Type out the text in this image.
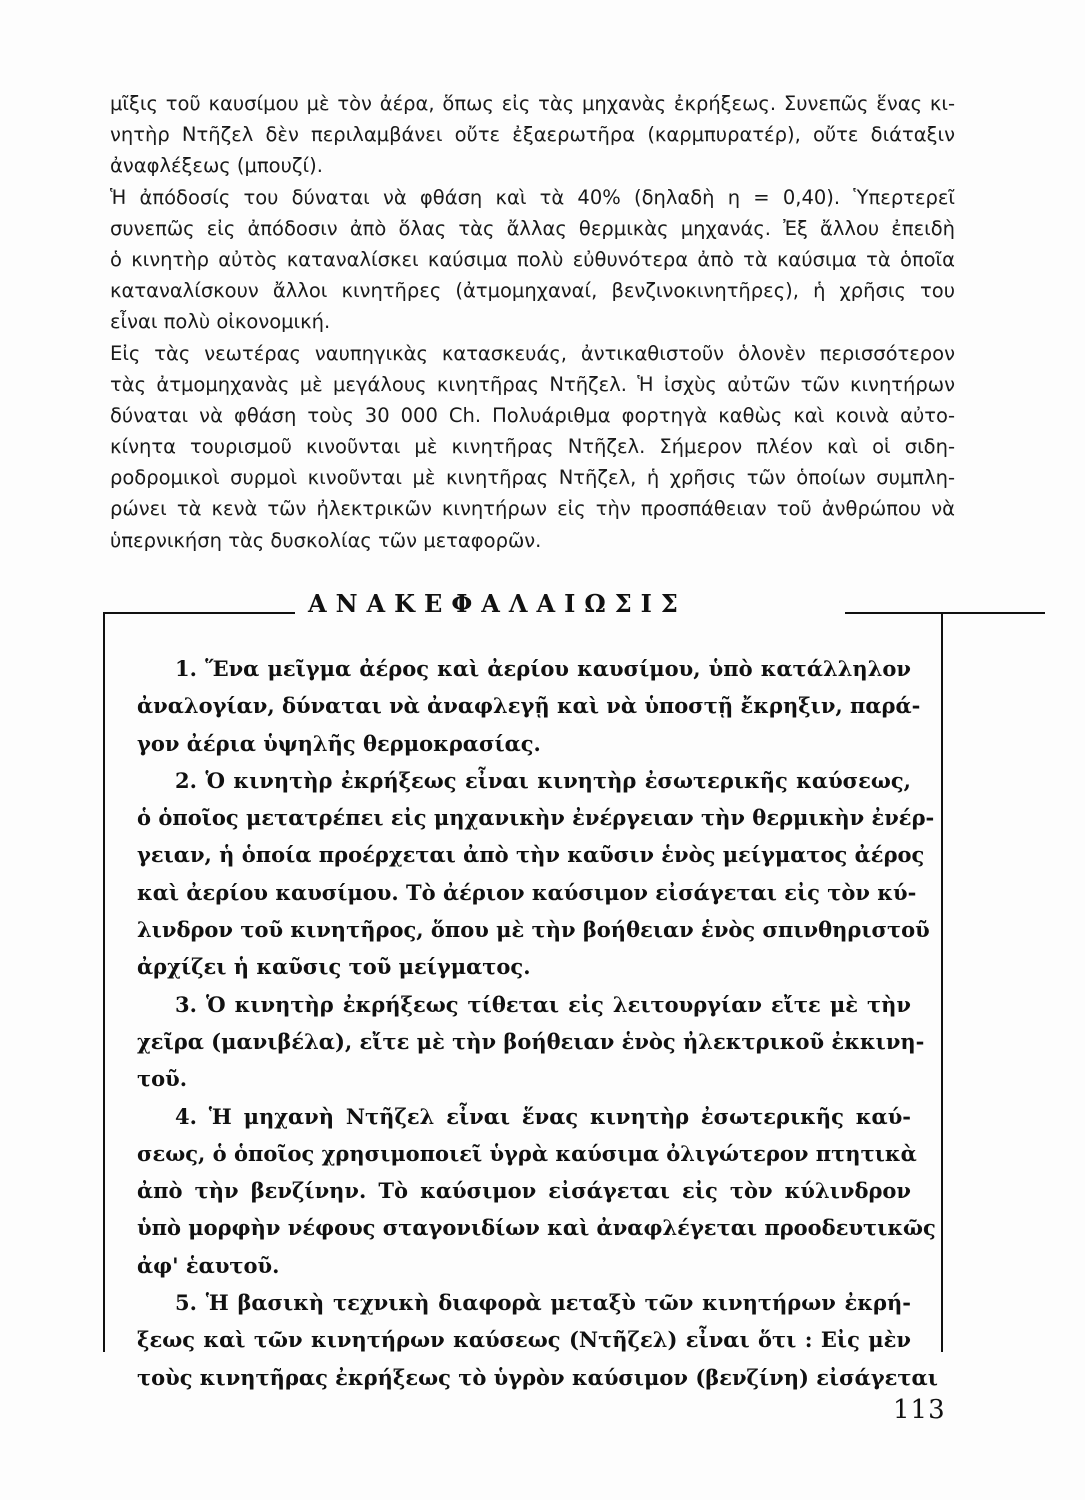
μῖξις τοῦ καυσίμου μὲ τὸν ἀέρα, ὅπως εἰς τὰς μηχανὰς ἐκρήξεως. Συνεπῶς ἕνας κι-
νητὴρ Ντῆζελ δὲν περιλαμβάνει οὔτε ἐξαερωτῆρα (καρμπυρατέρ), οὔτε διάταξιν
ἀναφλέξεως (μπουζί).
Ἡ ἀπόδοσίς του δύναται νὰ φθάση καὶ τὰ 40% (δηλαδὴ η = 0,40). Ὑπερτερεῖ
συνεπῶς εἰς ἀπόδοσιν ἀπὸ ὅλας τὰς ἄλλας θερμικὰς μηχανάς. Ἐξ ἄλλου ἐπειδὴ
ὁ κινητὴρ αὐτὸς καταναλίσκει καύσιμα πολὺ εὐθυνότερα ἀπὸ τὰ καύσιμα τὰ ὁποῖα
καταναλίσκουν ἄλλοι κινητῆρες (ἀτμομηχαναί, βενζινοκινητῆρες), ἡ χρῆσις του
εἶναι πολὺ οἰκονομική.
Εἰς τὰς νεωτέρας ναυπηγικὰς κατασκευάς, ἀντικαθιστοῦν ὁλονὲν περισσότερον
τὰς ἀτμομηχανὰς μὲ μεγάλους κινητῆρας Ντῆζελ. Ἡ ἰσχὺς αὐτῶν τῶν κινητήρων
δύναται νὰ φθάση τοὺς 30 000 Ch. Πολυάριθμα φορτηγὰ καθὼς καὶ κοινὰ αὐτο-
κίνητα τουρισμοῦ κινοῦνται μὲ κινητῆρας Ντῆζελ. Σήμερον πλέον καὶ οἱ σιδη-
ροδρομικοὶ συρμοὶ κινοῦνται μὲ κινητῆρας Ντῆζελ, ἡ χρῆσις τῶν ὁποίων συμπλη-
ρώνει τὰ κενὰ τῶν ἠλεκτρικῶν κινητήρων εἰς τὴν προσπάθειαν τοῦ ἀνθρώπου νὰ
ὑπερνικήση τὰς δυσκολίας τῶν μεταφορῶν.
ΑΝΑΚΕΦΑΛΑΙΩΣΙΣ
1. Ἕνα μεῖγμα ἀέρος καὶ ἀερίου καυσίμου, ὑπὸ κατάλληλον
ἀναλογίαν, δύναται νὰ ἀναφλεγῇ καὶ νὰ ὑποστῇ ἔκρηξιν, παρά-
γον ἀέρια ὑψηλῆς θερμοκρασίας.
2. Ὁ κινητὴρ ἐκρήξεως εἶναι κινητὴρ ἐσωτερικῆς καύσεως,
ὁ ὁποῖος μετατρέπει εἰς μηχανικὴν ἐνέργειαν τὴν θερμικὴν ἐνέρ-
γειαν, ἡ ὁποία προέρχεται ἀπὸ τὴν καῦσιν ἑνὸς μείγματος ἀέρος
καὶ ἀερίου καυσίμου. Τὸ ἀέριον καύσιμον εἰσάγεται εἰς τὸν κύ-
λινδρον τοῦ κινητῆρος, ὅπου μὲ τὴν βοήθειαν ἑνὸς σπινθηριστοῦ
ἀρχίζει ἡ καῦσις τοῦ μείγματος.
3. Ὁ κινητὴρ ἐκρήξεως τίθεται εἰς λειτουργίαν εἴτε μὲ τὴν
χεῖρα (μανιβέλα), εἴτε μὲ τὴν βοήθειαν ἑνὸς ἠλεκτρικοῦ ἐκκινη-
τοῦ.
4. Ἡ μηχανὴ Ντῆζελ εἶναι ἕνας κινητὴρ ἐσωτερικῆς καύ-
σεως, ὁ ὁποῖος χρησιμοποιεῖ ὑγρὰ καύσιμα ὀλιγώτερον πτητικὰ
ἀπὸ τὴν βενζίνην. Τὸ καύσιμον εἰσάγεται εἰς τὸν κύλινδρον
ὑπὸ μορφὴν νέφους σταγονιδίων καὶ ἀναφλέγεται προοδευτικῶς
ἀφ' ἑαυτοῦ.
5. Ἡ βασικὴ τεχνικὴ διαφορὰ μεταξὺ τῶν κινητήρων ἐκρή-
ξεως καὶ τῶν κινητήρων καύσεως (Ντῆζελ) εἶναι ὅτι : Εἰς μὲν
τοὺς κινητῆρας ἐκρήξεως τὸ ὑγρὸν καύσιμον (βενζίνη) εἰσάγεται
113
